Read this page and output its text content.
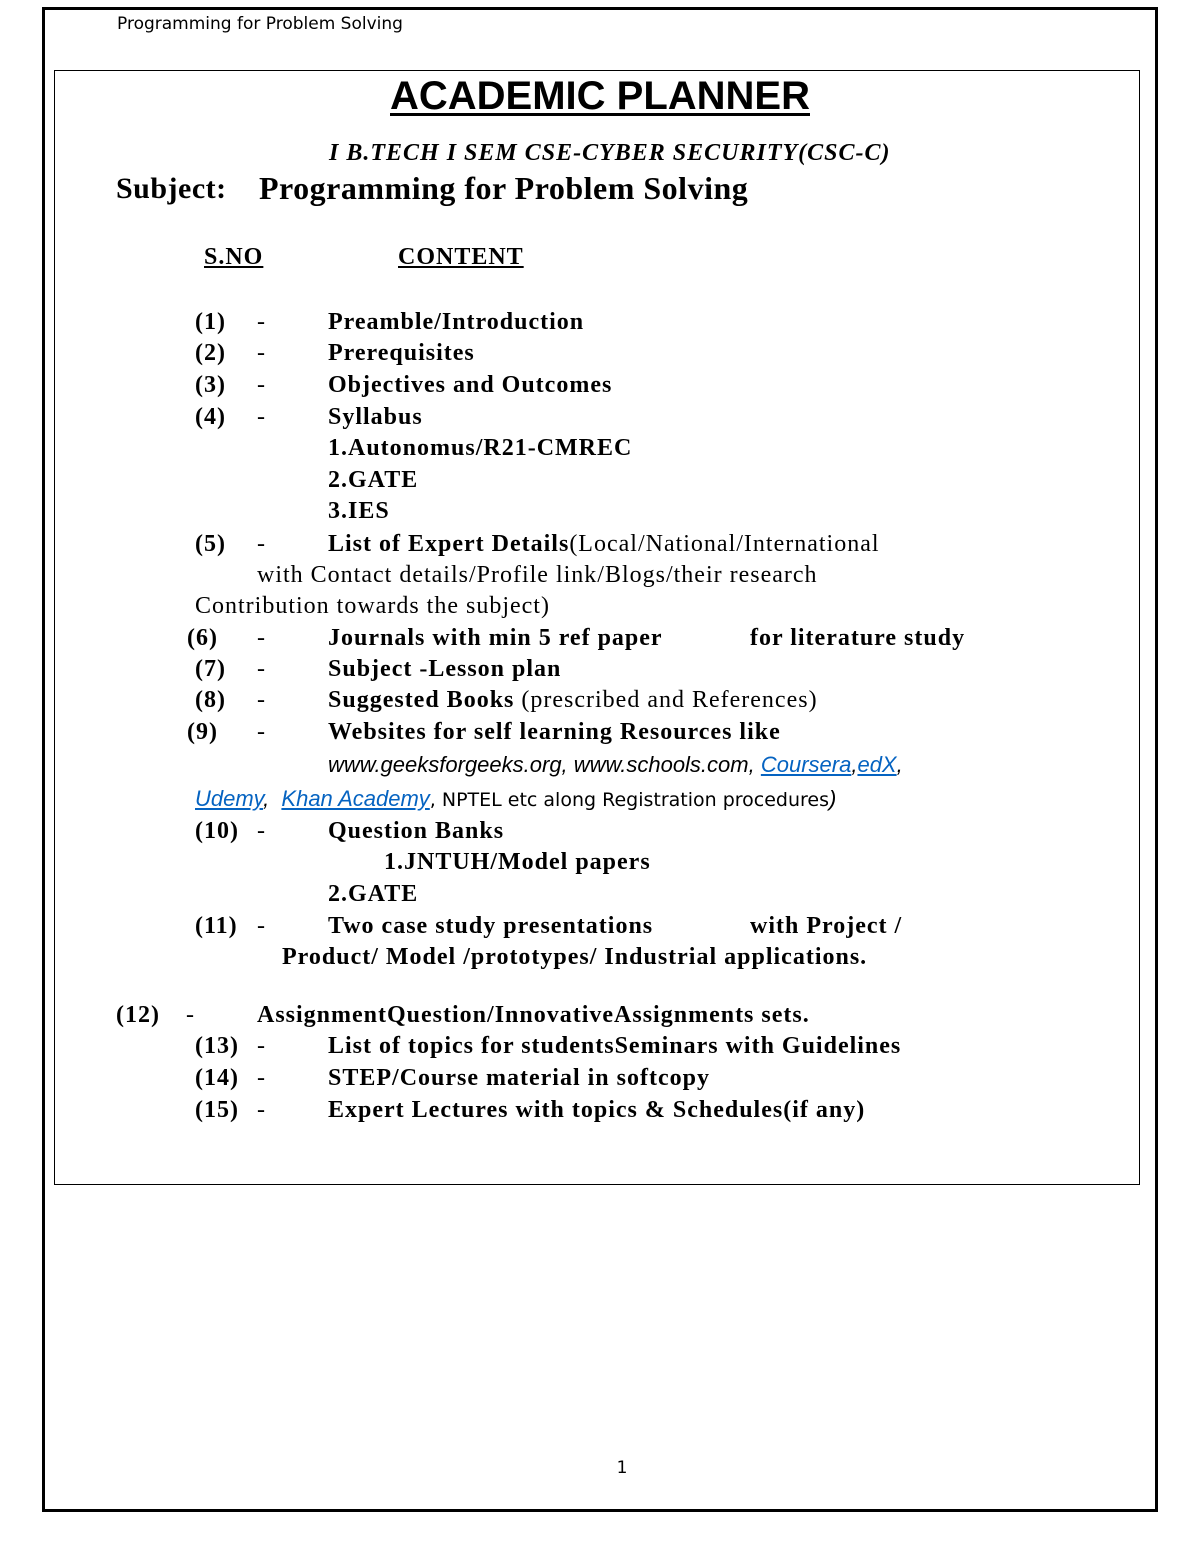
Programming for Problem Solving
ACADEMIC PLANNER
I B.TECH I SEM CSE-CYBER SECURITY(CSC-C)
Subject: Programming for Problem Solving
S.NO	CONTENT
(1) -	Preamble/Introduction
(2) -	Prerequisites
(3) -	Objectives and Outcomes
(4) -	Syllabus
1.Autonomus/R21-CMREC
2.GATE
3.IES
(5) -	List of Expert Details(Local/National/International
with Contact details/Profile link/Blogs/their research
Contribution towards the subject)
(6) -	Journals with min 5 ref paper	for literature study
(7) -	Subject -Lesson plan
(8) -	Suggested Books (prescribed and References)
(9) -	Websites for self learning Resources like
www.geeksforgeeks.org, www.schools.com, Coursera,edX,
Udemy,  Khan Academy, NPTEL etc along Registration procedures)
(10) -	Question Banks
1.JNTUH/Model papers
2.GATE
(11) -	Two case study presentations	with Project /
Product/ Model /prototypes/ Industrial applications.
(12) -	AssignmentQuestion/InnovativeAssignments sets.
(13) -	List of topics for studentsSeminars with Guidelines
(14) -	STEP/Course material in softcopy
(15) -	Expert Lectures with topics & Schedules(if any)
1
